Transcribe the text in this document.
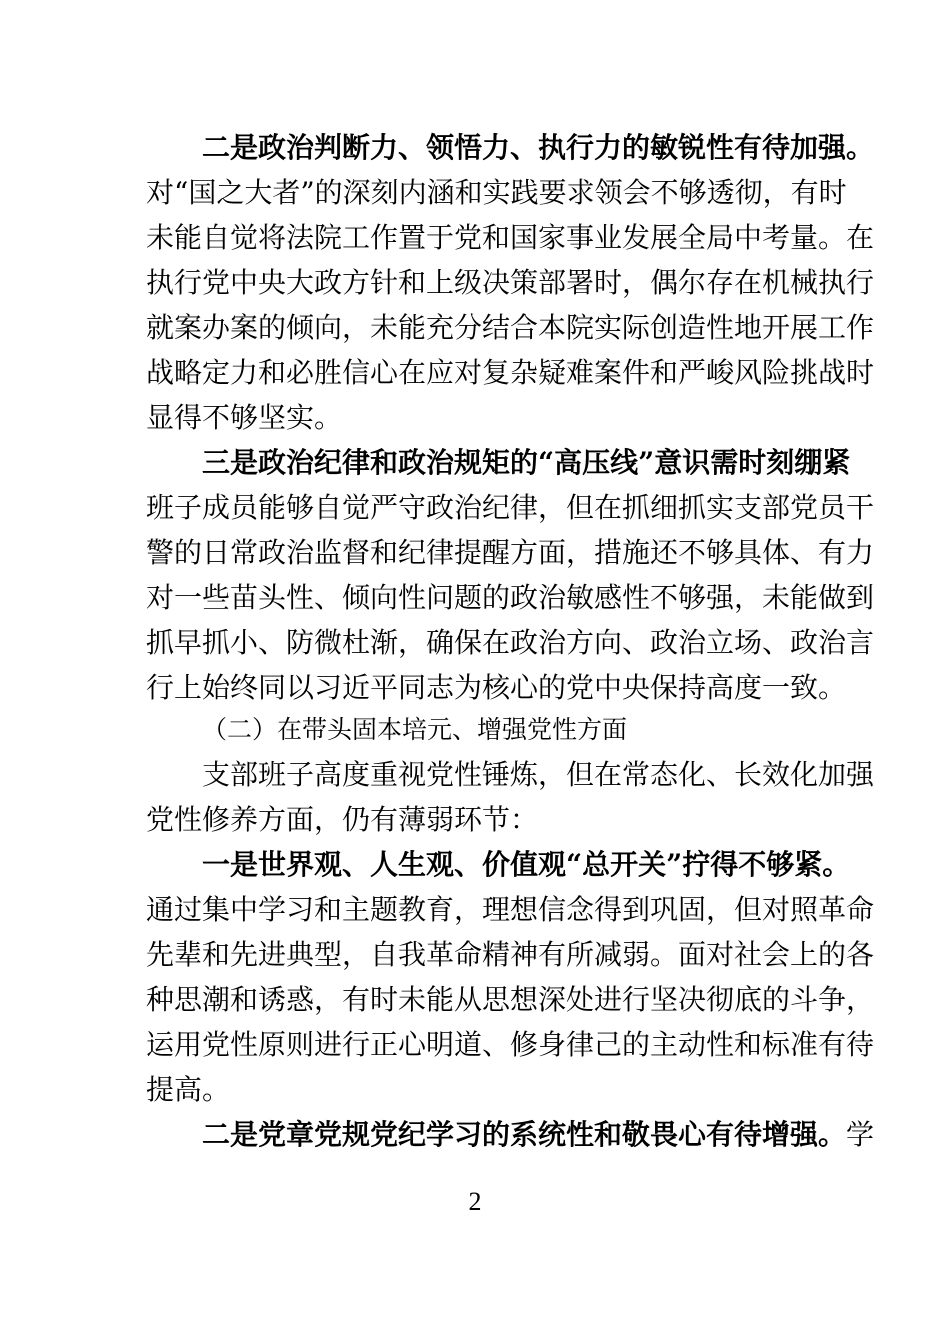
二是政治判断力、领悟力、执行力的敏锐性有待加强。
对“国之大者”的深刻内涵和实践要求领会不够透彻，有时
未能自觉将法院工作置于党和国家事业发展全局中考量。在
执行党中央大政方针和上级决策部署时，偶尔存在机械执行
就案办案的倾向，未能充分结合本院实际创造性地开展工作
战略定力和必胜信心在应对复杂疑难案件和严峻风险挑战时
显得不够坚实。
三是政治纪律和政治规矩的“高压线”意识需时刻绷紧
班子成员能够自觉严守政治纪律，但在抓细抓实支部党员干
警的日常政治监督和纪律提醒方面，措施还不够具体、有力
对一些苗头性、倾向性问题的政治敏感性不够强，未能做到
抓早抓小、防微杜渐，确保在政治方向、政治立场、政治言
行上始终同以习近平同志为核心的党中央保持高度一致。
（二）在带头固本培元、增强党性方面
支部班子高度重视党性锤炼，但在常态化、长效化加强
党性修养方面，仍有薄弱环节：
一是世界观、人生观、价值观“总开关”拧得不够紧。
通过集中学习和主题教育，理想信念得到巩固，但对照革命
先辈和先进典型，自我革命精神有所减弱。面对社会上的各
种思潮和诱惑，有时未能从思想深处进行坚决彻底的斗争，
运用党性原则进行正心明道、修身律己的主动性和标准有待
提高。
二是党章党规党纪学习的系统性和敬畏心有待增强。学
2
